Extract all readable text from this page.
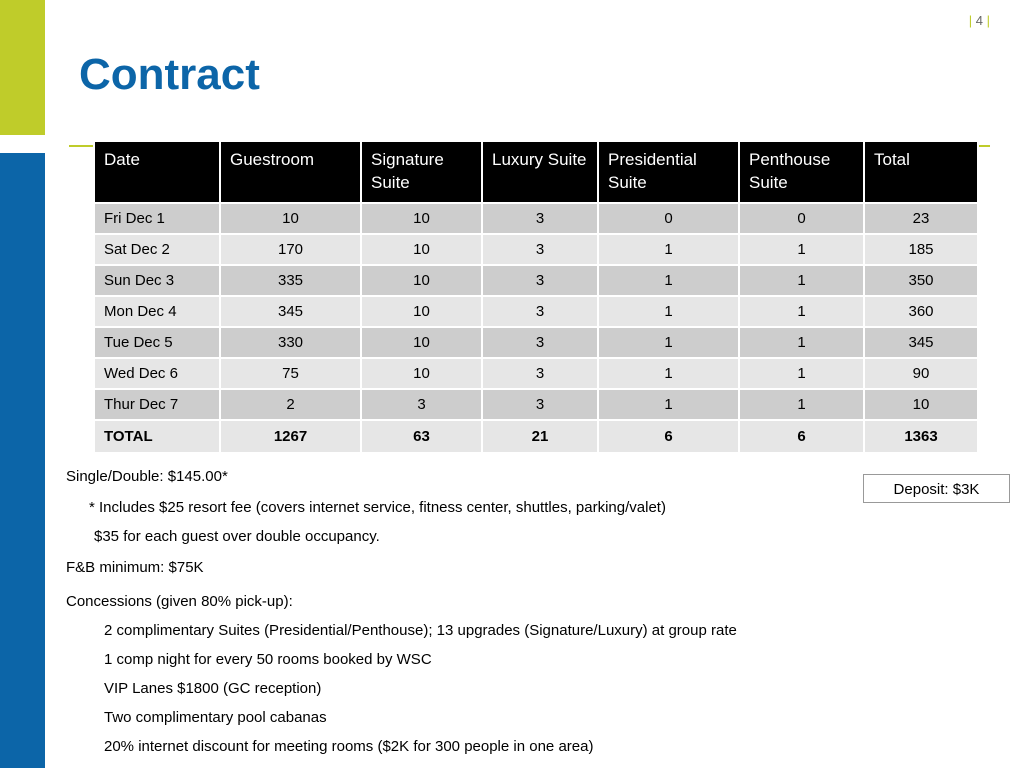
| 4 |
Contract
Date	Guestroom	Signature Suite	Luxury Suite	Presidential Suite	Penthouse Suite	Total
Fri Dec 1	10	10	3	0	0	23
Sat Dec 2	170	10	3	1	1	185
Sun Dec 3	335	10	3	1	1	350
Mon Dec 4	345	10	3	1	1	360
Tue Dec 5	330	10	3	1	1	345
Wed Dec 6	75	10	3	1	1	90
Thur Dec 7	2	3	3	1	1	10
TOTAL	1267	63	21	6	6	1363
Single/Double: $145.00*
* Includes $25 resort fee (covers internet service, fitness center, shuttles, parking/valet)
$35 for each guest over double occupancy.
F&B minimum: $75K
Concessions (given 80% pick-up):
2 complimentary Suites (Presidential/Penthouse); 13 upgrades (Signature/Luxury) at group rate
1 comp night for every 50 rooms booked by WSC
VIP Lanes $1800 (GC reception)
Two complimentary pool cabanas
20% internet discount for meeting rooms ($2K for 300 people in one area)
Deposit: $3K
